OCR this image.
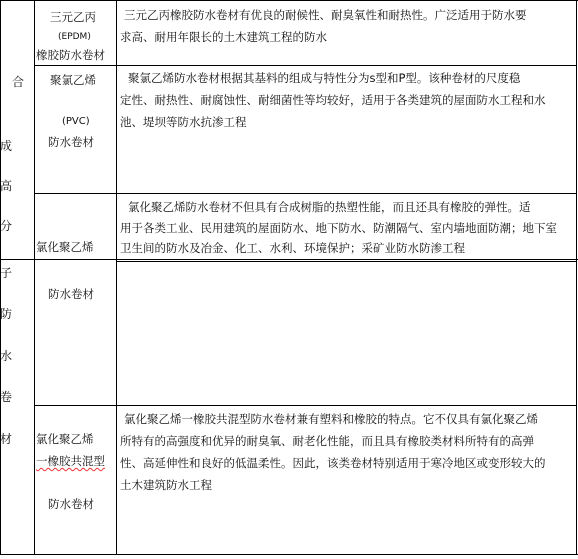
合
成
高
分
子
防
水
卷
材
三元乙丙
(EPDM)
橡胶防水卷材
三元乙丙橡胶防水卷材有优良的耐候性、耐臭氧性和耐热性。广泛适用于防水要
求高、耐用年限长的土木建筑工程的防水
聚氯乙烯
(PVC)
防水卷材
聚氯乙烯防水卷材根据其基料的组成与特性分为s型和P型。该种卷材的尺度稳
定性、耐热性、耐腐蚀性、耐细菌性等均较好，适用于各类建筑的屋面防水工程和水
池、堤坝等防水抗渗工程
氯化聚乙烯
防水卷材
氯化聚乙烯防水卷材不但具有合成树脂的热塑性能，而且还具有橡胶的弹性。适
用于各类工业、民用建筑的屋面防水、地下防水、防潮隔气、室内墙地面防潮；地下室
卫生间的防水及冶金、化工、水利、环境保护；采矿业防水防渗工程
氯化聚乙烯
一橡胶共混型
防水卷材
氯化聚乙烯一橡胶共混型防水卷材兼有塑料和橡胶的特点。它不仅具有氯化聚乙烯
所特有的高强度和优异的耐臭氧、耐老化性能，而且具有橡胶类材料所特有的高弹
性、高延伸性和良好的低温柔性。因此，该类卷材特别适用于寒冷地区或变形较大的
土木建筑防水工程
